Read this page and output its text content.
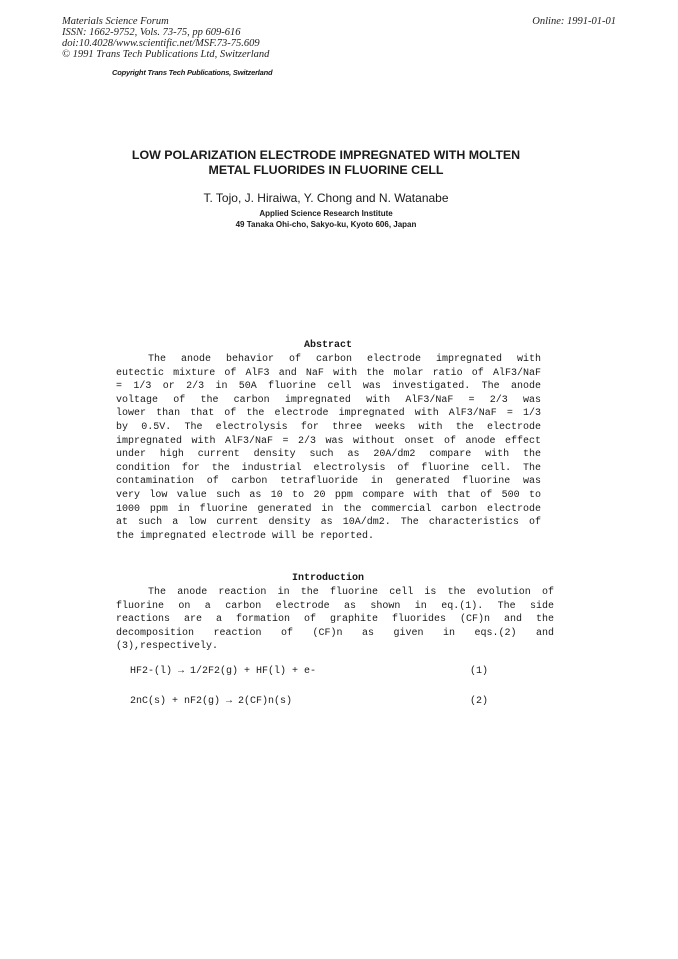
Materials Science Forum
ISSN: 1662-9752, Vols. 73-75, pp 609-616
doi:10.4028/www.scientific.net/MSF.73-75.609
© 1991 Trans Tech Publications Ltd, Switzerland
Online: 1991-01-01
Copyright Trans Tech Publications, Switzerland
LOW POLARIZATION ELECTRODE IMPREGNATED WITH MOLTEN
METAL FLUORIDES IN FLUORINE CELL
T. Tojo, J. Hiraiwa, Y. Chong and N. Watanabe
Applied Science Research Institute
49 Tanaka Ohi-cho, Sakyo-ku, Kyoto 606, Japan
Abstract
The anode behavior of carbon electrode impregnated with
eutectic mixture of AlF3 and NaF with the molar ratio of AlF3/NaF
= 1/3 or 2/3 in 50A fluorine cell was investigated. The anode
voltage of the carbon impregnated with AlF3/NaF = 2/3 was
lower than that of the electrode impregnated with AlF3/NaF = 1/3
by 0.5V. The electrolysis for three weeks with the electrode
impregnated with AlF3/NaF = 2/3 was without onset of anode effect
under high current density such as 20A/dm2 compare with the
condition for the industrial electrolysis of fluorine cell. The
contamination of carbon tetrafluoride in generated fluorine was
very low value such as 10 to 20 ppm compare with that of 500 to
1000 ppm in fluorine generated in the commercial carbon electrode
at such a low current density as 10A/dm2. The characteristics of
the impregnated electrode will be reported.
Introduction
The anode reaction in the fluorine cell is the evolution of
fluorine on a carbon electrode as shown in eq.(1). The side
reactions are a formation of graphite fluorides (CF)n and the
decomposition reaction of (CF)n as given in eqs.(2) and
(3),respectively.
HF2-(l) → 1/2F2(g) + HF(l) + e-	(1)
2nC(s) + nF2(g) → 2(CF)n(s)	(2)
